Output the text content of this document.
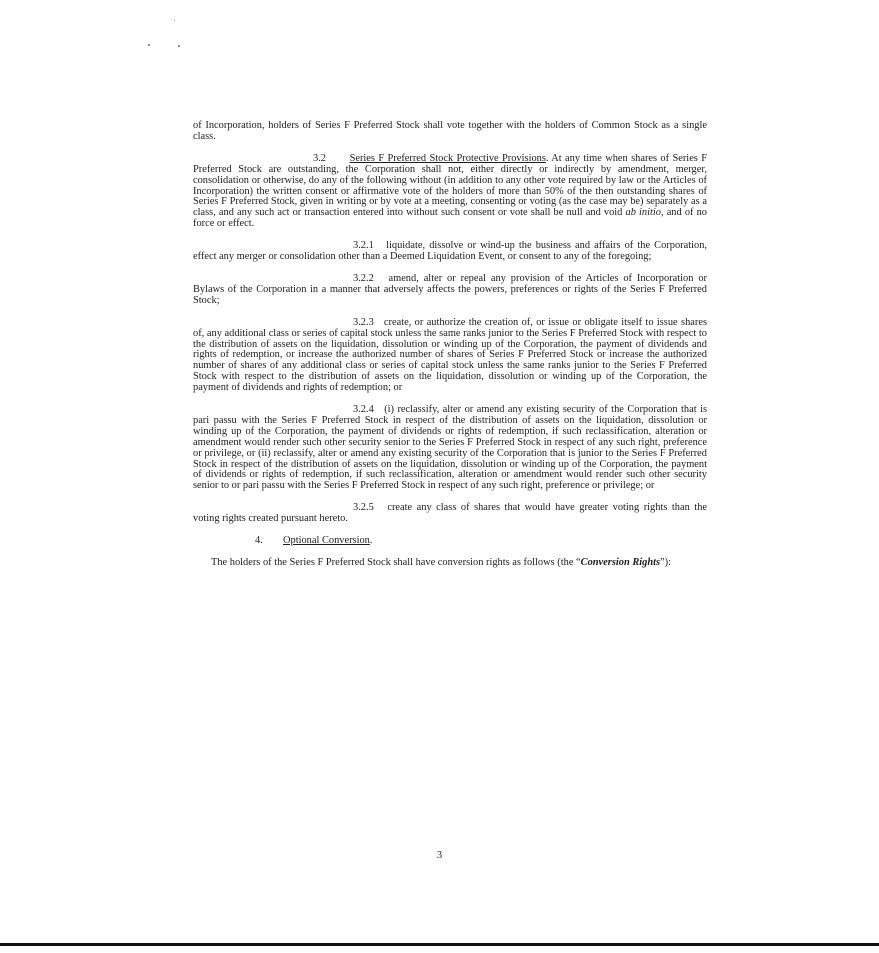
of Incorporation, holders of Series F Preferred Stock shall vote together with the holders of Common Stock as a single class.

3.2 Series F Preferred Stock Protective Provisions. At any time when shares of Series F Preferred Stock are outstanding, the Corporation shall not, either directly or indirectly by amendment, merger, consolidation or otherwise, do any of the following without (in addition to any other vote required by law or the Articles of Incorporation) the written consent or affirmative vote of the holders of more than 50% of the then outstanding shares of Series F Preferred Stock, given in writing or by vote at a meeting, consenting or voting (as the case may be) separately as a class, and any such act or transaction entered into without such consent or vote shall be null and void ab initio, and of no force or effect.

3.2.1 liquidate, dissolve or wind-up the business and affairs of the Corporation, effect any merger or consolidation other than a Deemed Liquidation Event, or consent to any of the foregoing;

3.2.2 amend, alter or repeal any provision of the Articles of Incorporation or Bylaws of the Corporation in a manner that adversely affects the powers, preferences or rights of the Series F Preferred Stock;

3.2.3 create, or authorize the creation of, or issue or obligate itself to issue shares of, any additional class or series of capital stock unless the same ranks junior to the Series F Preferred Stock with respect to the distribution of assets on the liquidation, dissolution or winding up of the Corporation, the payment of dividends and rights of redemption, or increase the authorized number of shares of Series F Preferred Stock or increase the authorized number of shares of any additional class or series of capital stock unless the same ranks junior to the Series F Preferred Stock with respect to the distribution of assets on the liquidation, dissolution or winding up of the Corporation, the payment of dividends and rights of redemption; or

3.2.4 (i) reclassify, alter or amend any existing security of the Corporation that is pari passu with the Series F Preferred Stock in respect of the distribution of assets on the liquidation, dissolution or winding up of the Corporation, the payment of dividends or rights of redemption, if such reclassification, alteration or amendment would render such other security senior to the Series F Preferred Stock in respect of any such right, preference or privilege, or (ii) reclassify, alter or amend any existing security of the Corporation that is junior to the Series F Preferred Stock in respect of the distribution of assets on the liquidation, dissolution or winding up of the Corporation, the payment of dividends or rights of redemption, if such reclassification, alteration or amendment would render such other security senior to or pari passu with the Series F Preferred Stock in respect of any such right, preference or privilege; or

3.2.5 create any class of shares that would have greater voting rights than the voting rights created pursuant hereto.

4. Optional Conversion.

The holders of the Series F Preferred Stock shall have conversion rights as follows (the “Conversion Rights”):

3
